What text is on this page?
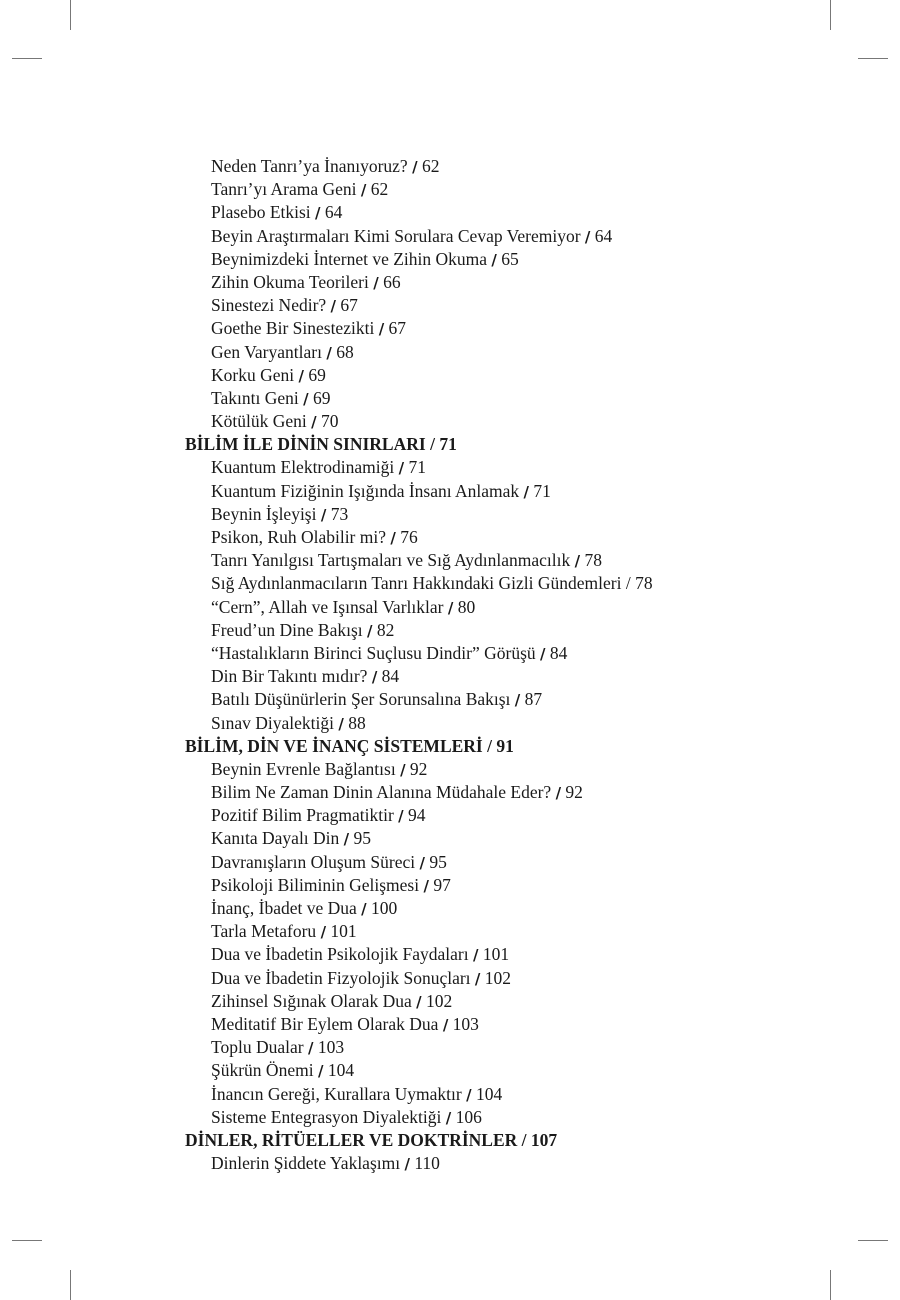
Neden Tanrı’ya İnanıyoruz? / 62
Tanrı’yı Arama Geni / 62
Plasebo Etkisi / 64
Beyin Araştırmaları Kimi Sorulara Cevap Veremiyor / 64
Beynimizdeki İnternet ve Zihin Okuma / 65
Zihin Okuma Teorileri / 66
Sinestezi Nedir? / 67
Goethe Bir Sinestezikti / 67
Gen Varyantları / 68
Korku Geni / 69
Takıntı Geni / 69
Kötülük Geni / 70
BİLİM İLE DİNİN SINIRLARI / 71
Kuantum Elektrodinamiği / 71
Kuantum Fiziğinin Işığında İnsanı Anlamak / 71
Beynin İşleyişi / 73
Psikon, Ruh Olabilir mi? / 76
Tanrı Yanılgısı Tartışmaları ve Sığ Aydınlanmacılık / 78
Sığ Aydınlanmacıların Tanrı Hakkındaki Gizli Gündemleri / 78
“Cern”, Allah ve Işınsal Varlıklar / 80
Freud’un Dine Bakışı / 82
“Hastalıkların Birinci Suçlusu Dindir” Görüşü / 84
Din Bir Takıntı mıdır? / 84
Batılı Düşünürlerin Şer Sorunsalına Bakışı / 87
Sınav Diyalektiği / 88
BİLİM, DİN VE İNANÇ SİSTEMLERİ / 91
Beynin Evrenle Bağlantısı / 92
Bilim Ne Zaman Dinin Alanına Müdahale Eder? / 92
Pozitif Bilim Pragmatiktir / 94
Kanıta Dayalı Din / 95
Davranışların Oluşum Süreci / 95
Psikoloji Biliminin Gelişmesi / 97
İnanç, İbadet ve Dua / 100
Tarla Metaforu / 101
Dua ve İbadetin Psikolojik Faydaları / 101
Dua ve İbadetin Fizyolojik Sonuçları / 102
Zihinsel Sığınak Olarak Dua / 102
Meditatif Bir Eylem Olarak Dua / 103
Toplu Dualar / 103
Şükrün Önemi / 104
İnancın Gereği, Kurallara Uymaktır / 104
Sisteme Entegrasyon Diyalektiği / 106
DİNLER, RİTÜELLER VE DOKTRİNLER / 107
Dinlerin Şiddete Yaklaşımı / 110
